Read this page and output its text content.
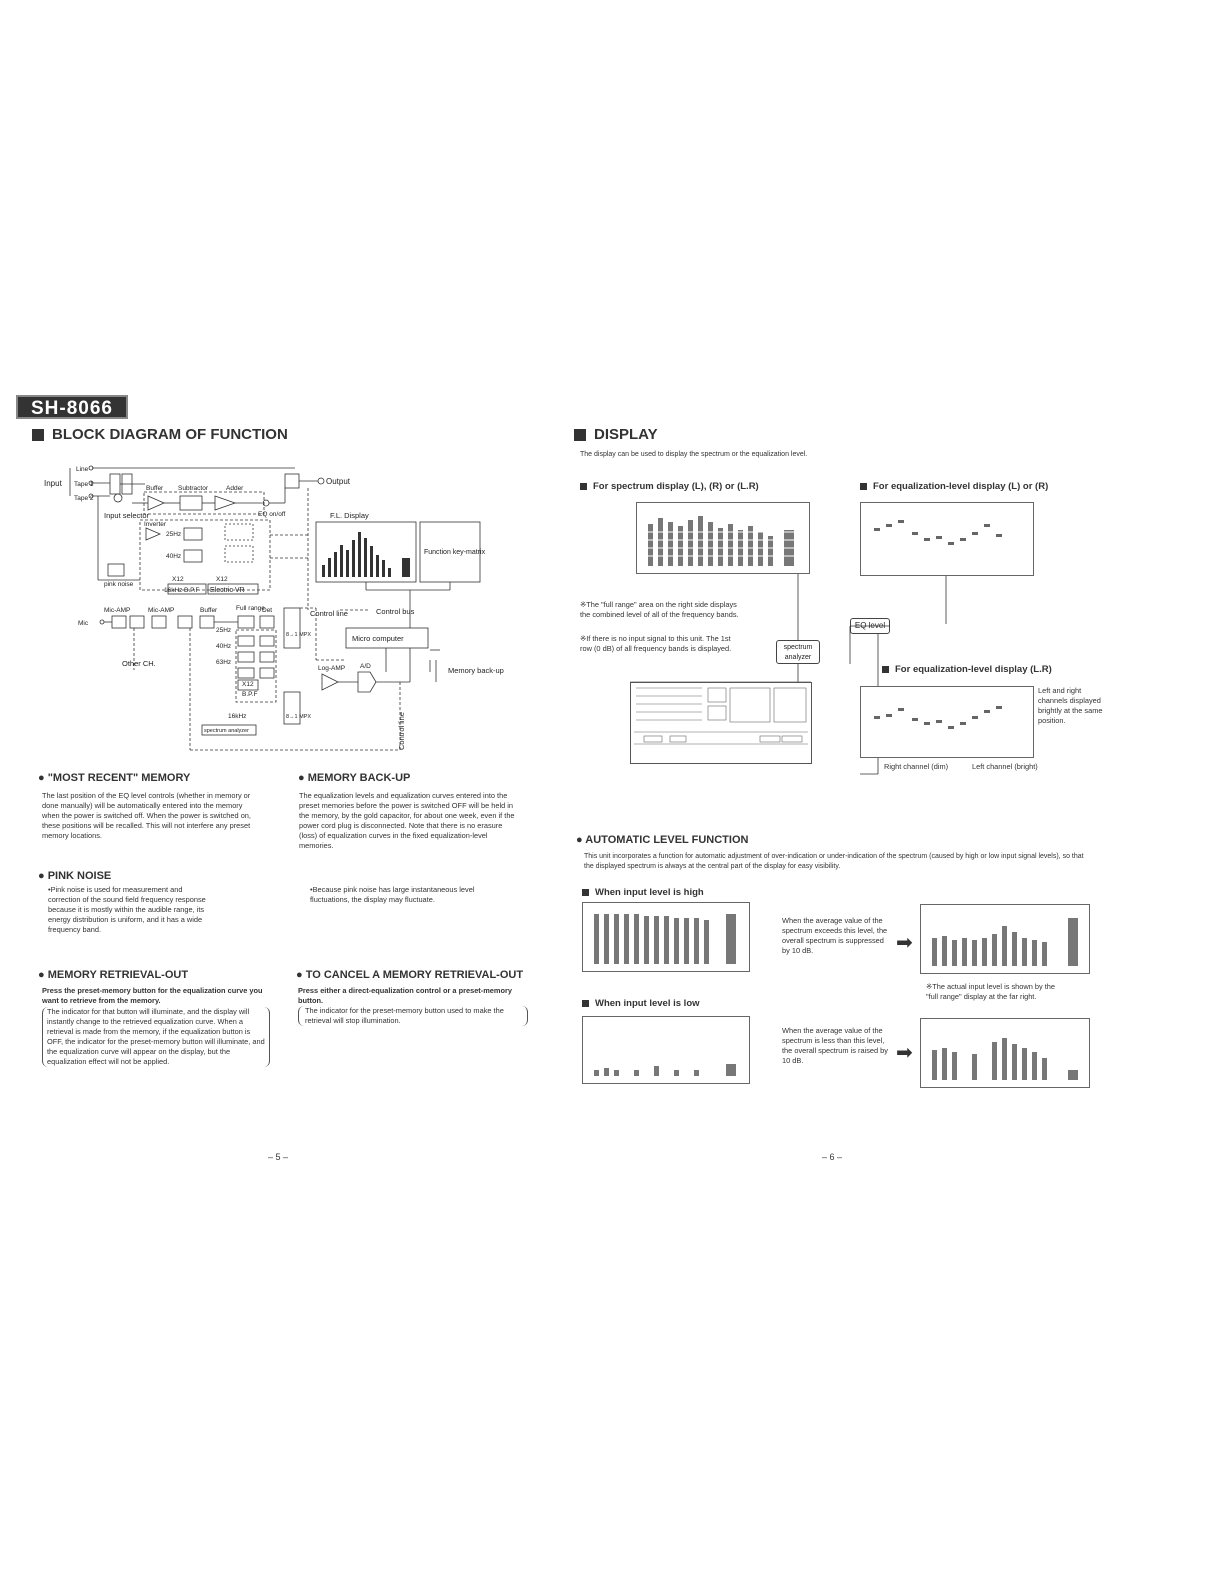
SH-8066
BLOCK DIAGRAM OF FUNCTION
Line
Tape 1
Tape 2
Input	Output
Buffer Subtractor	Adder
EQ on/off
Input selector
Inverter
25Hz
40Hz
X12	X12
16kHz B.P.F Electric VR
pink noise
F.L. Display
Function key-matrix
Mic
Mic-AMP	Mic-AMP	Buffer	Full range
Det
Other CH.
Control line	Control bus
Micro computer
8→1 MPX
8→1 MPX
Log-AMP A/D	Memory back-up
25Hz
40Hz
63Hz
X12
B.P.F
16kHz
spectrum analyzer	Control line
● "MOST RECENT" MEMORY
The last position of the EQ level controls (whether in memory or done manually) will be automatically entered into the memory when the power is switched off. When the power is switched on, these positions will be recalled. This will not interfere any preset memory locations.
● MEMORY BACK-UP
The equalization levels and equalization curves entered into the preset memories before the power is switched OFF will be held in the memory, by the gold capacitor, for about one week, even if the power cord plug is disconnected. Note that there is no erasure (loss) of equalization curves in the fixed equalization-level memories.
● PINK NOISE
•Pink noise is used for measurement and correction of the sound field frequency response because it is mostly within the audible range, its energy distribution is uniform, and it has a wide frequency band.
•Because pink noise has large instantaneous level fluctuations, the display may fluctuate.
● MEMORY RETRIEVAL-OUT
Press the preset-memory button for the equalization curve you want to retrieve from the memory.
The indicator for that button will illuminate, and the display will instantly change to the retrieved equalization curve. When a retrieval is made from the memory, if the equalization button is OFF, the indicator for the preset-memory button will illuminate, and the equalization curve will appear on the display, but the equalization effect will not be applied.
● TO CANCEL A MEMORY RETRIEVAL-OUT
Press either a direct-equalization control or a preset-memory button.
The indicator for the preset-memory button used to make the retrieval will stop illumination.
– 5 –
DISPLAY
The display can be used to display the spectrum or the equalization level.
For spectrum display (L), (R) or (L.R)	For equalization-level display (L) or (R)
※The "full range" area on the right side displays the combined level of all of the frequency bands.
※If there is no input signal to this unit. The 1st row (0 dB) of all frequency bands is displayed.	spectrum analyzer
EQ level
For equalization-level display (L.R)
Left and right channels displayed brightly at the same position.
Right channel (dim)	Left channel (bright)
● AUTOMATIC LEVEL FUNCTION
This unit incorporates a function for automatic adjustment of over-indication or under-indication of the spectrum (caused by high or low input signal levels), so that the displayed spectrum is always at the central part of the display for easy visibility.
When input level is high
When the average value of the spectrum exceeds this level, the overall spectrum is suppressed by 10 dB.	➡
※The actual input level is shown by the "full range" display at the far right.
When input level is low
When the average value of the spectrum is less than this level, the overall spectrum is raised by 10 dB.	➡
– 6 –
